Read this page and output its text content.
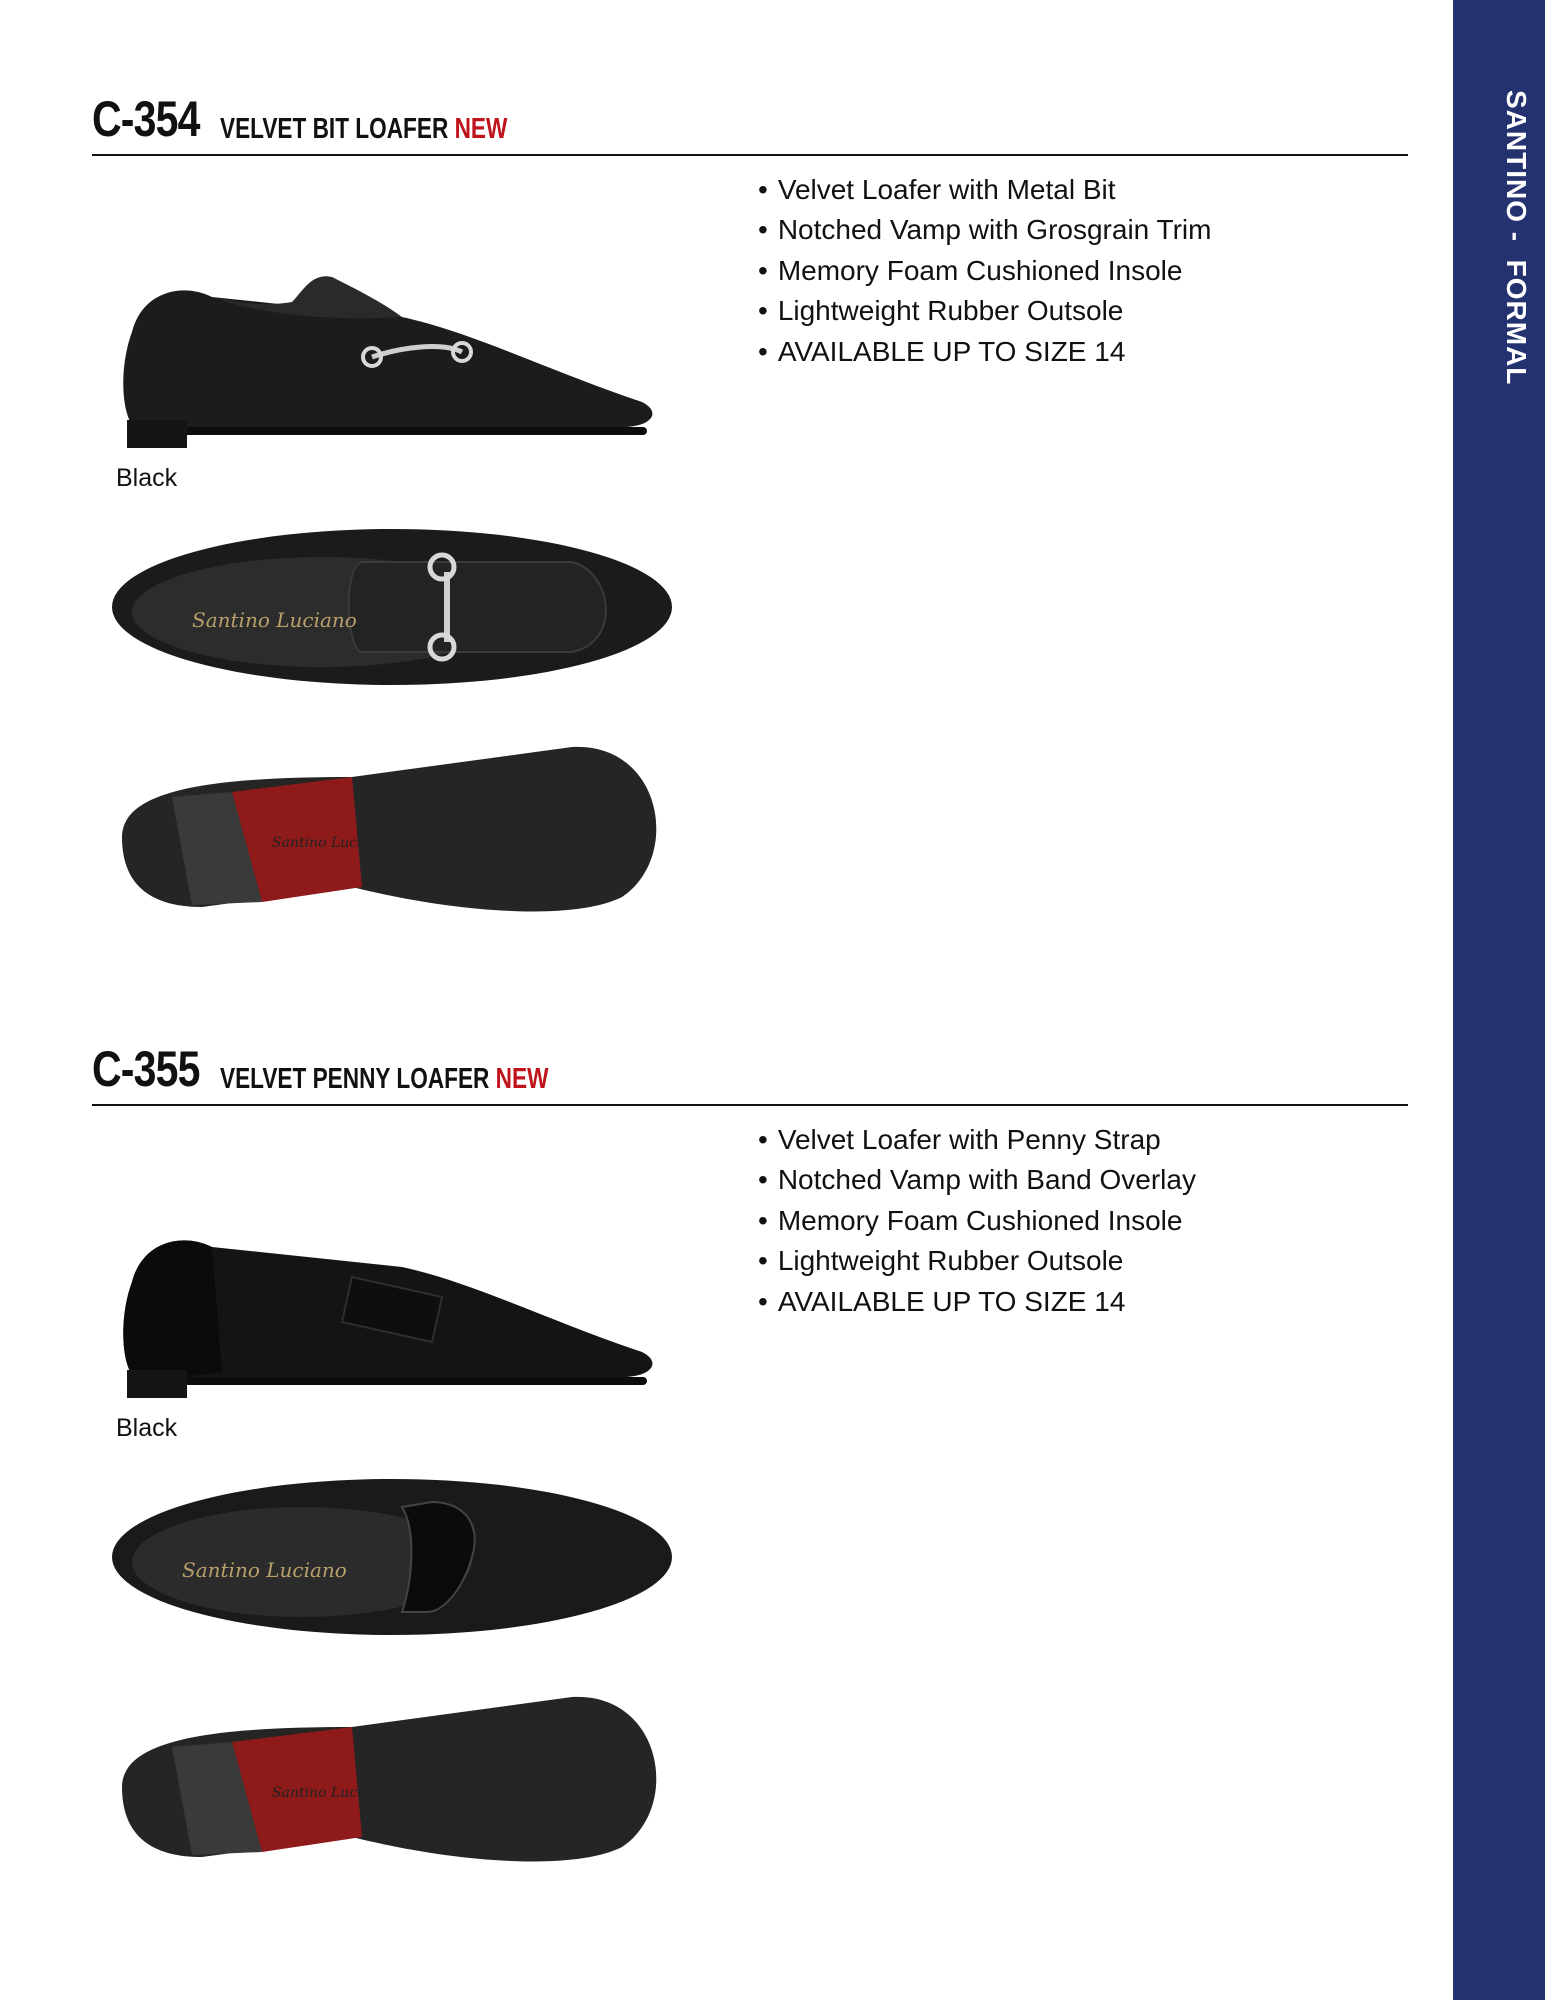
SANTINO -  FORMAL
C-354 VELVET BIT LOAFER NEW
• Velvet Loafer with Metal Bit
• Notched Vamp with Grosgrain Trim
• Memory Foam Cushioned Insole
• Lightweight Rubber Outsole
• AVAILABLE UP TO SIZE 14
Black
Santino Luciano
Santino Luciano
C-355 VELVET PENNY LOAFER NEW
• Velvet Loafer with Penny Strap
• Notched Vamp with Band Overlay
• Memory Foam Cushioned Insole
• Lightweight Rubber Outsole
• AVAILABLE UP TO SIZE 14
Black
Santino Luciano
Santino Luciano
